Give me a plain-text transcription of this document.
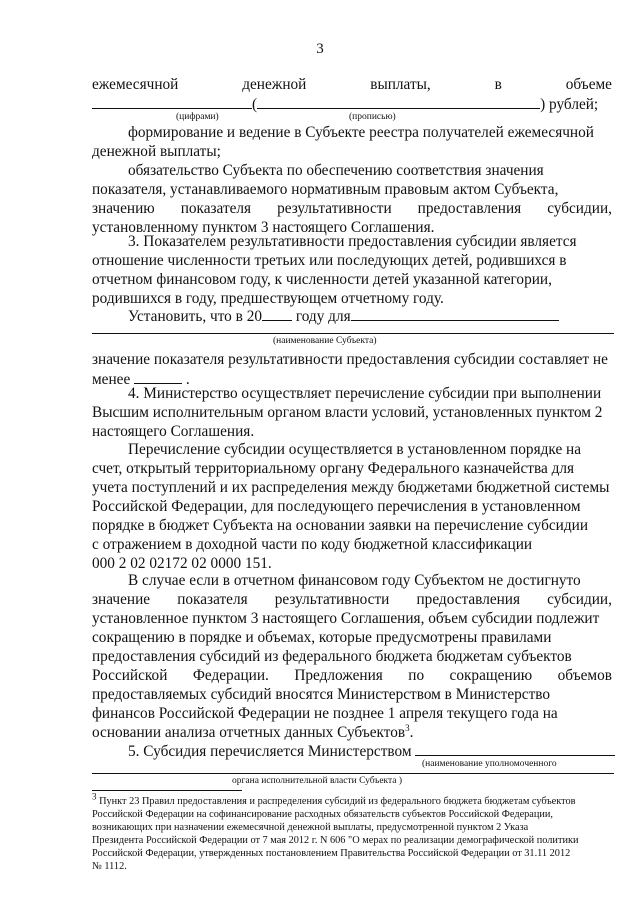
3
ежемесячной	денежной	выплаты,	в	объеме
(	) рублей;
(цифрами)	(прописью)
формирование и ведение в Субъекте реестра получателей ежемесячной
денежной выплаты;
обязательство Субъекта по обеспечению соответствия значения
показателя, устанавливаемого нормативным правовым актом Субъекта,
значению показателя результативности предоставления субсидии,
установленному пунктом 3 настоящего Соглашения.
3. Показателем результативности предоставления субсидии является
отношение численности третьих или последующих детей, родившихся в
отчетном финансовом году, к численности детей указанной категории,
родившихся в году, предшествующем отчетному году.
Установить, что в 20 году для
(наименование Субъекта)
значение показателя результативности предоставления субсидии составляет не
менее	.
4. Министерство осуществляет перечисление субсидии при выполнении
Высшим исполнительным органом власти условий, установленных пунктом 2
настоящего Соглашения.
Перечисление субсидии осуществляется в установленном порядке на
счет, открытый территориальному органу Федерального казначейства для
учета поступлений и их распределения между бюджетами бюджетной системы
Российской Федерации, для последующего перечисления в установленном
порядке в бюджет Субъекта на основании заявки на перечисление субсидии
с отражением в доходной части по коду бюджетной классификации
000 2 02 02172 02 0000 151.
В случае если в отчетном финансовом году Субъектом не достигнуто
значение показателя результативности предоставления субсидии,
установленное пунктом 3 настоящего Соглашения, объем субсидии подлежит
сокращению в порядке и объемах, которые предусмотрены правилами
предоставления субсидий из федерального бюджета бюджетам субъектов
Российской Федерации. Предложения по сокращению объемов
предоставляемых субсидий вносятся Министерством в Министерство
финансов Российской Федерации не позднее 1 апреля текущего года на
основании анализа отчетных данных Субъектов$^3$.
5. Субсидия перечисляется Министерством
(наименование уполномоченного
органа исполнительной власти Субъекта )
$^3$ Пункт 23 Правил предоставления и распределения субсидий из федерального бюджета бюджетам субъектов
Российской Федерации на софинансирование расходных обязательств субъектов Российской Федерации,
возникающих при назначении ежемесячной денежной выплаты, предусмотренной пунктом 2 Указа
Президента Российской Федерации от 7 мая 2012 г. N 606 "О мерах по реализации демографической политики
Российской Федерации, утвержденных постановлением Правительства Российской Федерации от 31.11 2012
№ 1112.
